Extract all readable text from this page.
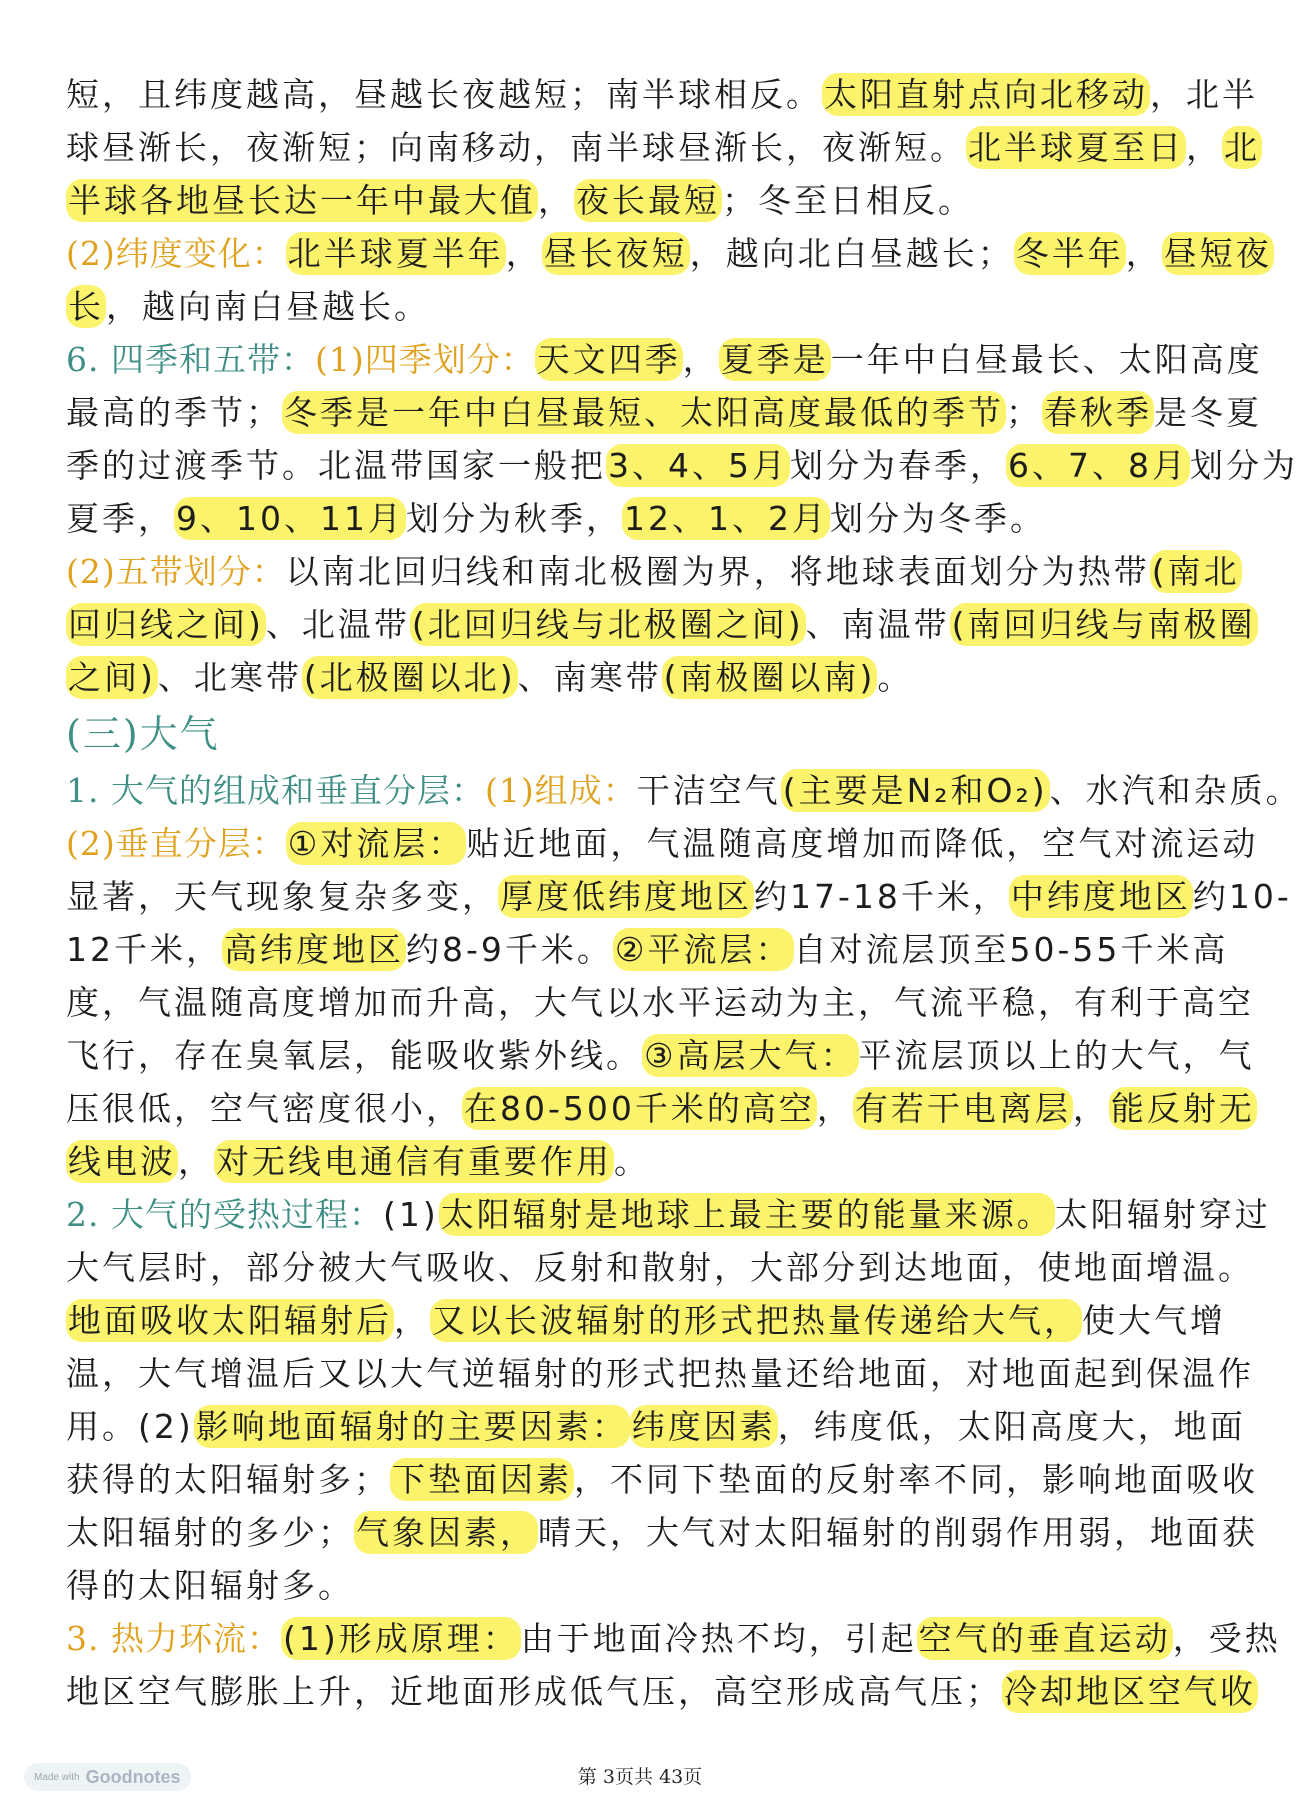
短，且纬度越高，昼越长夜越短；南半球相反。太阳直射点向北移动，北半
球昼渐长，夜渐短；向南移动，南半球昼渐长，夜渐短。北半球夏至日，北
半球各地昼长达一年中最大值，夜长最短；冬至日相反。
(2)纬度变化：北半球夏半年，昼长夜短，越向北白昼越长；冬半年，昼短夜
长，越向南白昼越长。
6. 四季和五带：(1)四季划分：天文四季，夏季是一年中白昼最长、太阳高度
最高的季节；冬季是一年中白昼最短、太阳高度最低的季节；春秋季是冬夏
季的过渡季节。北温带国家一般把3、4、5月划分为春季，6、7、8月划分为
夏季，9、10、11月划分为秋季，12、1、2月划分为冬季。
(2)五带划分：以南北回归线和南北极圈为界，将地球表面划分为热带(南北
回归线之间)、北温带(北回归线与北极圈之间)、南温带(南回归线与南极圈
之间)、北寒带(北极圈以北)、南寒带(南极圈以南)。
(三)大气
1. 大气的组成和垂直分层：(1)组成：干洁空气(主要是N₂和O₂)、水汽和杂质。
(2)垂直分层：①对流层：贴近地面，气温随高度增加而降低，空气对流运动
显著，天气现象复杂多变，厚度低纬度地区约17-18千米，中纬度地区约10-
12千米，高纬度地区约8-9千米。②平流层：自对流层顶至50-55千米高
度，气温随高度增加而升高，大气以水平运动为主，气流平稳，有利于高空
飞行，存在臭氧层，能吸收紫外线。③高层大气：平流层顶以上的大气，气
压很低，空气密度很小，在80-500千米的高空，有若干电离层，能反射无
线电波，对无线电通信有重要作用。
2. 大气的受热过程：(1)太阳辐射是地球上最主要的能量来源。太阳辐射穿过
大气层时，部分被大气吸收、反射和散射，大部分到达地面，使地面增温。
地面吸收太阳辐射后，又以长波辐射的形式把热量传递给大气，使大气增
温，大气增温后又以大气逆辐射的形式把热量还给地面，对地面起到保温作
用。(2)影响地面辐射的主要因素： 纬度因素，纬度低，太阳高度大，地面
获得的太阳辐射多；下垫面因素，不同下垫面的反射率不同，影响地面吸收
太阳辐射的多少；气象因素，晴天，大气对太阳辐射的削弱作用弱，地面获
得的太阳辐射多。
3. 热力环流：(1)形成原理：由于地面冷热不均，引起空气的垂直运动，受热
地区空气膨胀上升，近地面形成低气压，高空形成高气压；冷却地区空气收
第 3页共 43页
Made with Goodnotes
